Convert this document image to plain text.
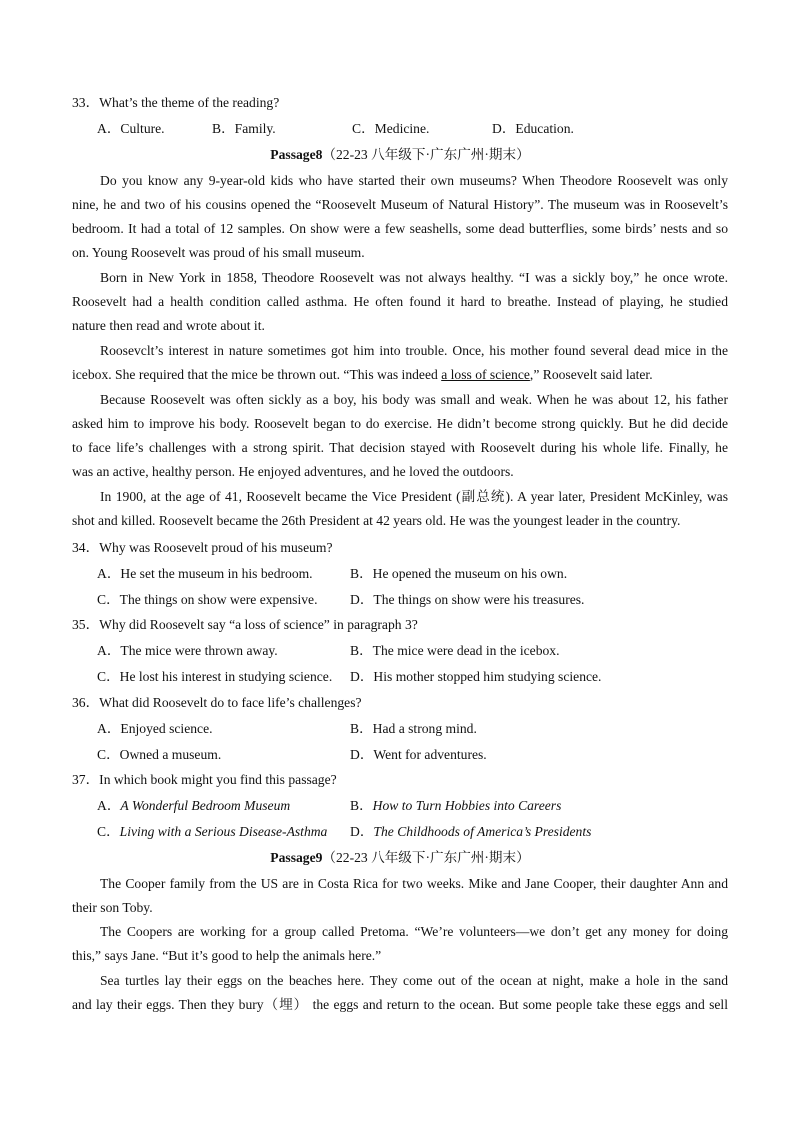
33．What’s the theme of the reading?
A．Culture.	B．Family.	C．Medicine.	D．Education.
Passage8（22-23 八年级下·广东广州·期末）
Do you know any 9-year-old kids who have started their own museums? When Theodore Roosevelt was only
nine, he and two of his cousins opened the “Roosevelt Museum of Natural History”. The museum was in Roosevelt’s
bedroom. It had a total of 12 samples. On show were a few seashells, some dead butterflies, some birds’ nests and so
on. Young Roosevelt was proud of his small museum.
Born in New York in 1858, Theodore Roosevelt was not always healthy. “I was a sickly boy,” he once wrote.
Roosevelt had a health condition called asthma. He often found it hard to breathe. Instead of playing, he studied
nature then read and wrote about it.
Roosevclt’s interest in nature sometimes got him into trouble. Once, his mother found several dead mice in the
icebox. She required that the mice be thrown out. “This was indeed a loss of science,” Roosevelt said later.
Because Roosevelt was often sickly as a boy, his body was small and weak. When he was about 12, his father
asked him to improve his body. Roosevelt began to do exercise. He didn’t become strong quickly. But he did decide
to face life’s challenges with a strong spirit. That decision stayed with Roosevelt during his whole life. Finally, he
was an active, healthy person. He enjoyed adventures, and he loved the outdoors.
In 1900, at the age of 41, Roosevelt became the Vice President (副总统). A year later, President McKinley, was
shot and killed. Roosevelt became the 26th President at 42 years old. He was the youngest leader in the country.
34．Why was Roosevelt proud of his museum?
A．He set the museum in his bedroom.	B．He opened the museum on his own.
C．The things on show were expensive. D．The things on show were his treasures.
35．Why did Roosevelt say “a loss of science” in paragraph 3?
A．The mice were thrown away.	B．The mice were dead in the icebox.
C．He lost his interest in studying science. D．His mother stopped him studying science.
36．What did Roosevelt do to face life’s challenges?
A．Enjoyed science.	B．Had a strong mind.
C．Owned a museum.	D．Went for adventures.
37．In which book might you find this passage?
A．A Wonderful Bedroom Museum	B．How to Turn Hobbies into Careers
C．Living with a Serious Disease-Asthma D．The Childhoods of America’s Presidents
Passage9（22-23 八年级下·广东广州·期末）
The Cooper family from the US are in Costa Rica for two weeks. Mike and Jane Cooper, their daughter Ann and
their son Toby.
The Coopers are working for a group called Pretoma. “We’re volunteers—we don’t get any money for doing
this,” says Jane. “But it’s good to help the animals here.”
Sea turtles lay their eggs on the beaches here. They come out of the ocean at night, make a hole in the sand
and lay their eggs. Then they bury（埋） the eggs and return to the ocean. But some people take these eggs and sell
